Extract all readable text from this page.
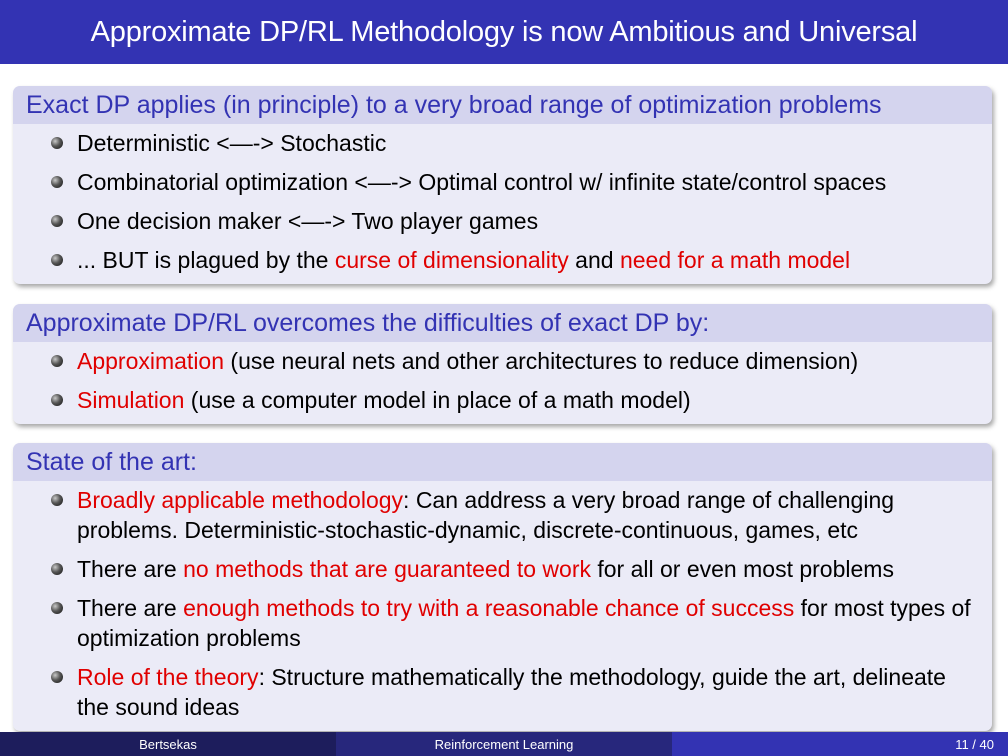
Approximate DP/RL Methodology is now Ambitious and Universal
Exact DP applies (in principle) to a very broad range of optimization problems
Deterministic <—-> Stochastic
Combinatorial optimization <—-> Optimal control w/ infinite state/control spaces
One decision maker <—-> Two player games
... BUT is plagued by the curse of dimensionality and need for a math model
Approximate DP/RL overcomes the difficulties of exact DP by:
Approximation (use neural nets and other architectures to reduce dimension)
Simulation (use a computer model in place of a math model)
State of the art:
Broadly applicable methodology: Can address a very broad range of challenging problems. Deterministic-stochastic-dynamic, discrete-continuous, games, etc
There are no methods that are guaranteed to work for all or even most problems
There are enough methods to try with a reasonable chance of success for most types of optimization problems
Role of the theory: Structure mathematically the methodology, guide the art, delineate the sound ideas
Bertsekas	Reinforcement Learning	11 / 40
